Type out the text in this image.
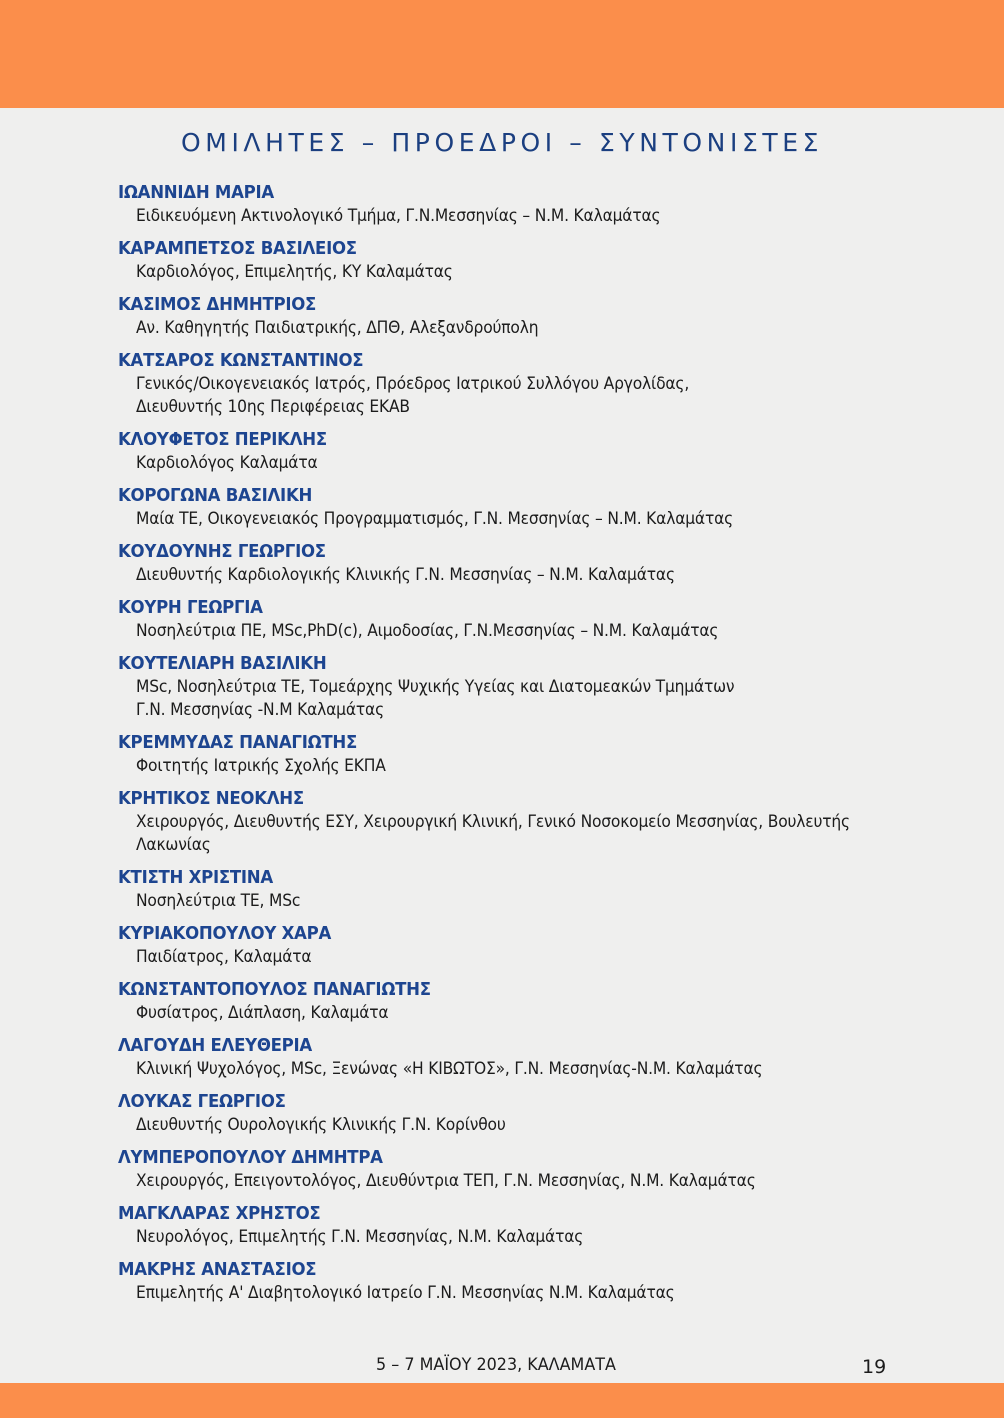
ΟΜΙΛΗΤΕΣ – ΠΡΟΕΔΡΟΙ – ΣΥΝΤΟΝΙΣΤΕΣ
ΙΩΑΝΝΙΔΗ ΜΑΡΙΑ
Ειδικευόμενη Ακτινολογικό Τμήμα, Γ.Ν.Μεσσηνίας – Ν.Μ. Καλαμάτας
ΚΑΡΑΜΠΕΤΣΟΣ ΒΑΣΙΛΕΙΟΣ
Καρδιολόγος, Επιμελητής, ΚΥ Καλαμάτας
ΚΑΣΙΜΟΣ ΔΗΜΗΤΡΙΟΣ
Αν. Καθηγητής Παιδιατρικής, ΔΠΘ, Αλεξανδρούπολη
ΚΑΤΣΑΡΟΣ ΚΩΝΣΤΑΝΤΙΝΟΣ
Γενικός/Οικογενειακός Ιατρός, Πρόεδρος Ιατρικού Συλλόγου Αργολίδας,
Διευθυντής 10ης Περιφέρειας ΕΚΑΒ
ΚΛΟΥΦΕΤΟΣ ΠΕΡΙΚΛΗΣ
Καρδιολόγος Καλαμάτα
ΚΟΡΟΓΩΝΑ ΒΑΣΙΛΙΚΗ
Μαία ΤΕ, Οικογενειακός Προγραμματισμός, Γ.Ν. Μεσσηνίας – Ν.Μ. Καλαμάτας
ΚΟΥΔΟΥΝΗΣ ΓΕΩΡΓΙΟΣ
Διευθυντής Καρδιολογικής Κλινικής Γ.Ν. Μεσσηνίας – Ν.Μ. Καλαμάτας
ΚΟΥΡΗ ΓΕΩΡΓΙΑ
Νοσηλεύτρια ΠΕ, MSc,PhD(c), Αιμοδοσίας, Γ.Ν.Μεσσηνίας – Ν.Μ. Καλαμάτας
ΚΟΥΤΕΛΙΑΡΗ ΒΑΣΙΛΙΚΗ
MSc, Νοσηλεύτρια ΤΕ, Τομεάρχης Ψυχικής Υγείας και Διατομεακών Τμημάτων
Γ.Ν. Μεσσηνίας -Ν.Μ Καλαμάτας
ΚΡΕΜΜΥΔΑΣ ΠΑΝΑΓΙΩΤΗΣ
Φοιτητής Ιατρικής Σχολής ΕΚΠΑ
ΚΡΗΤΙΚΟΣ ΝΕΟΚΛΗΣ
Χειρουργός, Διευθυντής ΕΣΥ, Χειρουργική Κλινική, Γενικό Νοσοκομείο Μεσσηνίας, Βουλευτής
Λακωνίας
ΚΤΙΣΤΗ ΧΡΙΣΤΙΝΑ
Νοσηλεύτρια ΤΕ, MSc
ΚΥΡΙΑΚΟΠΟΥΛΟΥ ΧΑΡΑ
Παιδίατρος, Καλαμάτα
ΚΩΝΣΤΑΝΤΟΠΟΥΛΟΣ ΠΑΝΑΓΙΩΤΗΣ
Φυσίατρος, Διάπλαση, Καλαμάτα
ΛΑΓΟΥΔΗ ΕΛΕΥΘΕΡΙΑ
Κλινική Ψυχολόγος, MSc, Ξενώνας «Η ΚΙΒΩΤΟΣ», Γ.Ν. Μεσσηνίας-Ν.Μ. Καλαμάτας
ΛΟΥΚΑΣ ΓΕΩΡΓΙΟΣ
Διευθυντής Ουρολογικής Κλινικής Γ.Ν. Κορίνθου
ΛΥΜΠΕΡΟΠΟΥΛΟΥ ΔΗΜΗΤΡΑ
Χειρουργός, Επειγοντολόγος, Διευθύντρια ΤΕΠ, Γ.Ν. Μεσσηνίας, Ν.Μ. Καλαμάτας
ΜΑΓΚΛΑΡΑΣ ΧΡΗΣΤΟΣ
Νευρολόγος, Επιμελητής Γ.Ν. Μεσσηνίας, Ν.Μ. Καλαμάτας
ΜΑΚΡΗΣ ΑΝΑΣΤΑΣΙΟΣ
Επιμελητής Α' Διαβητολογικό Ιατρείο Γ.Ν. Μεσσηνίας Ν.Μ. Καλαμάτας
5 – 7 ΜΑΪΟΥ 2023, ΚΑΛΑΜΑΤΑ	19
